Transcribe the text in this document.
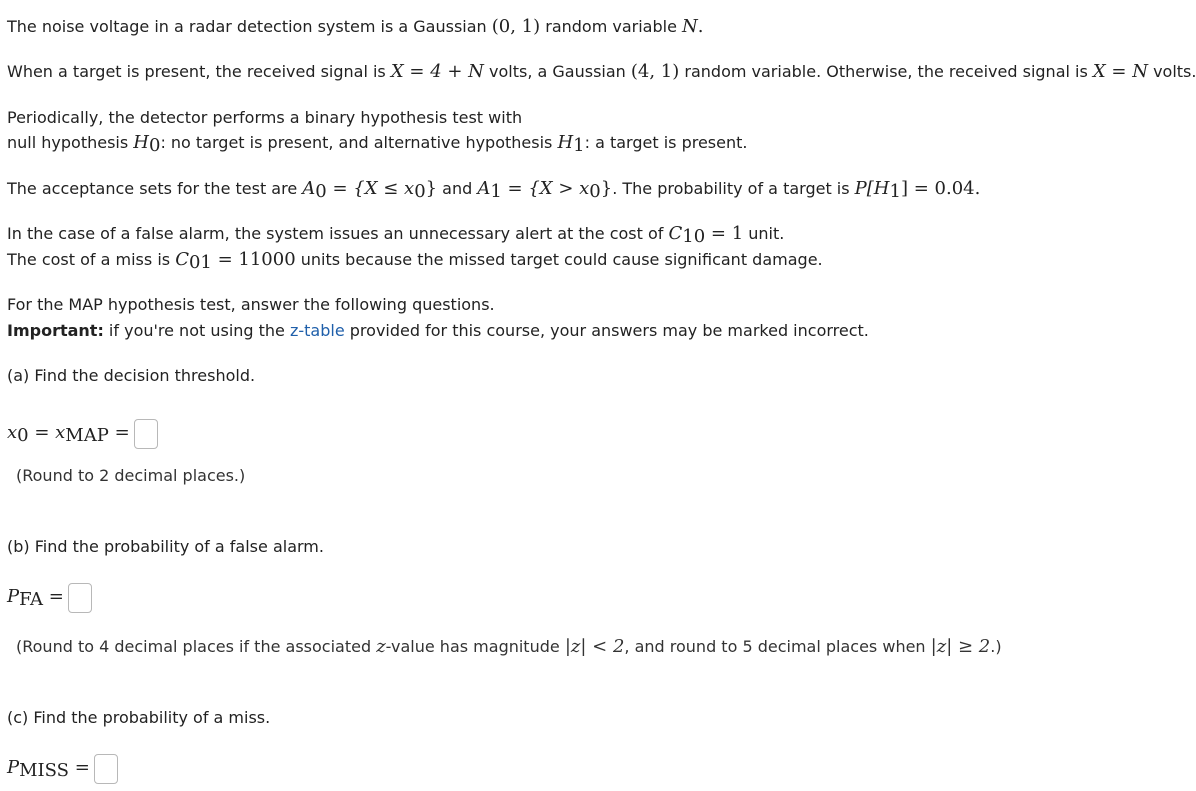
The noise voltage in a radar detection system is a Gaussian (0, 1) random variable N.
When a target is present, the received signal is X = 4 + N volts, a Gaussian (4, 1) random variable. Otherwise, the received signal is X = N volts.
Periodically, the detector performs a binary hypothesis test with
null hypothesis $H_0$: no target is present, and alternative hypothesis $H_1$: a target is present.
The acceptance sets for the test are $A_0 = \{X \le x_0\}$ and $A_1 = \{X > x_0\}$. The probability of a target is $P[H_1] = 0.04$.
In the case of a false alarm, the system issues an unnecessary alert at the cost of $C_{10} = 1$ unit.
The cost of a miss is $C_{01} = 11000$ units because the missed target could cause significant damage.
For the MAP hypothesis test, answer the following questions.
Important: if you're not using the z-table provided for this course, your answers may be marked incorrect.
(a) Find the decision threshold.
$x_0 = x_{MAP}$ =
(Round to 2 decimal places.)
(b) Find the probability of a false alarm.
$P_{FA}$ =
(Round to 4 decimal places if the associated z-value has magnitude |z| < 2, and round to 5 decimal places when |z| ≥ 2.)
(c) Find the probability of a miss.
$P_{MISS}$ =
